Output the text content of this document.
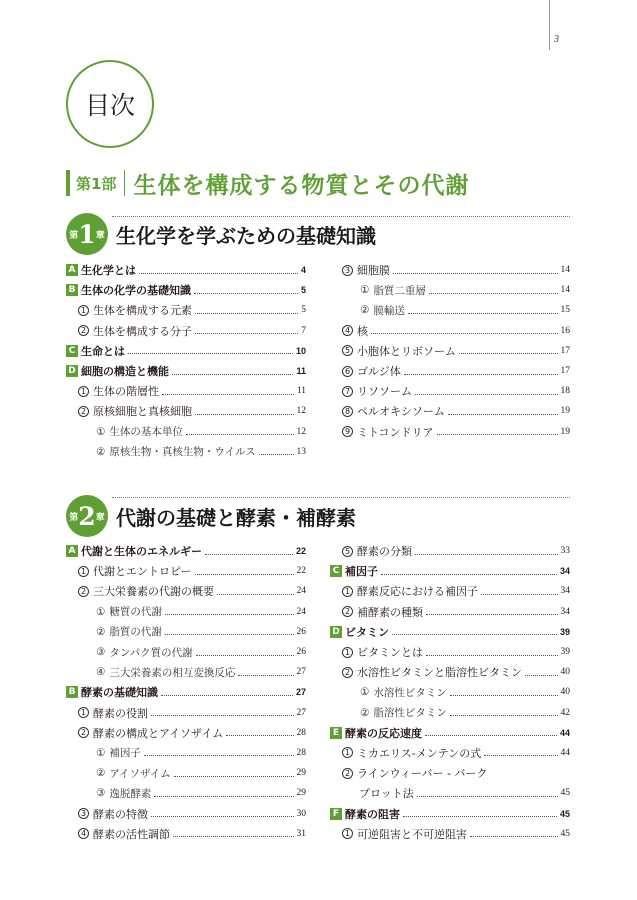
3
目次
第1部 生体を構成する物質とその代謝
第 1 章 生化学を学ぶための基礎知識
A 生化学とは	4
B 生体の化学の基礎知識	5
1 生体を構成する元素	5
2 生体を構成する分子	7
C 生命とは	10
D 細胞の構造と機能	11
1 生体の階層性	11
2 原核細胞と真核細胞	12
① 生体の基本単位	12
② 原核生物・真核生物・ウイルス	13
3 細胞膜	14
① 脂質二重層	14
② 膜輸送	15
4 核	16
5 小胞体とリボソーム	17
6 ゴルジ体	17
7 リソソーム	18
8 ペルオキシソーム	19
9 ミトコンドリア	19
第 2 章 代謝の基礎と酵素・補酵素
A 代謝と生体のエネルギー	22
1 代謝とエントロピー	22
2 三大栄養素の代謝の概要	24
① 糖質の代謝	24
② 脂質の代謝	26
③ タンパク質の代謝	26
④ 三大栄養素の相互変換反応	27
B 酵素の基礎知識	27
1 酵素の役割	27
2 酵素の構成とアイソザイム	28
① 補因子	28
② アイソザイム	29
③ 逸脱酵素	29
3 酵素の特徴	30
4 酵素の活性調節	31
5 酵素の分類	33
C 補因子	34
1 酵素反応における補因子	34
2 補酵素の種類	34
D ビタミン	39
1 ビタミンとは	39
2 水溶性ビタミンと脂溶性ビタミン	40
① 水溶性ビタミン	40
② 脂溶性ビタミン	42
E 酵素の反応速度	44
1 ミカエリス-メンテンの式	44
2 ラインウィーバー - バーク
プロット法	45
F 酵素の阻害	45
1 可逆阻害と不可逆阻害	45
